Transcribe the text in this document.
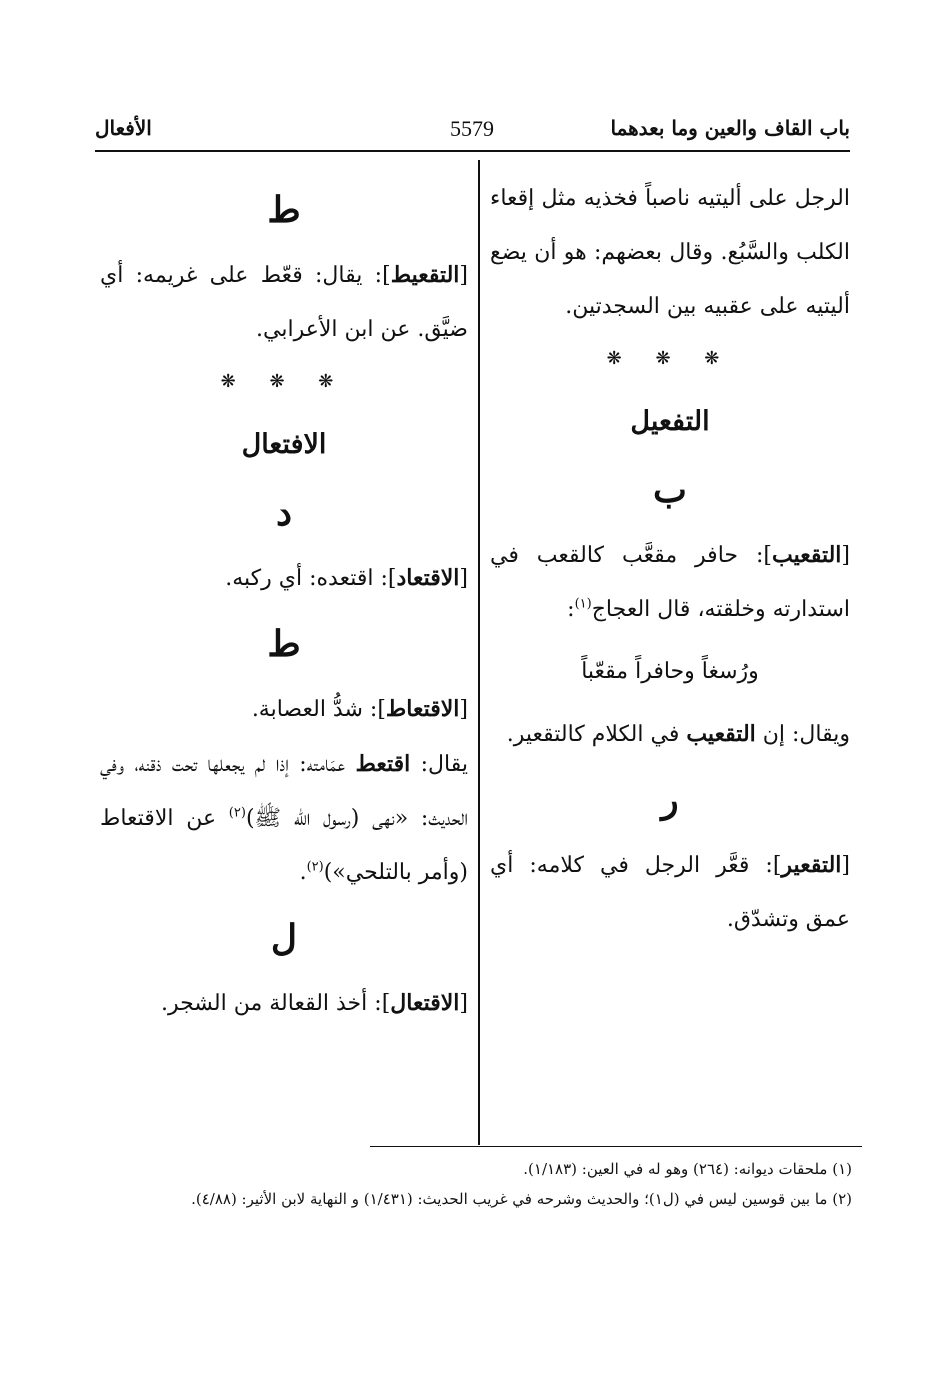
باب القاف والعين وما بعدهما
5579
الأفعال

الرجل على أليتيه ناصباً فخذيه مثل إقعاء الكلب والسَّبُع. وقال بعضهم: هو أن يضع أليتيه على عقبيه بين السجدتين.

❋ ❋ ❋

التفعيل

ب

[التقعيب]: حافر مقعَّب كالقعب في استدارته وخلقته، قال العجاج$^{(١)}$:

ورُسغاً وحافراً مقعّباً

ويقال: إن التقعيب في الكلام كالتقعير.

ر

[التقعير]: قعَّر الرجل في كلامه: أي عمق وتشدّق.

ط

[التقعيط]: يقال: قعّط على غريمه: أي ضيَّق. عن ابن الأعرابي.

❋ ❋ ❋

الافتعال

د

[الاقتعاد]: اقتعده: أي ركبه.

ط

[الاقتعاط]: شدُّ العصابة.

يقال: اقتعط عمَامته: إذا لم يجعلها تحت ذقنه، وفي الحديث: «نهى (رسول الله ﷺ)$^{(٢)}$ عن الاقتعاط (وأمر بالتلحي»)$^{(٢)}$.

ل

[الاقتعال]: أخذ القعالة من الشجر.

(١) ملحقات ديوانه: (٢٦٤) وهو له في العين: (١/١٨٣).

(٢) ما بين قوسين ليس في (ل١)؛ والحديث وشرحه في غريب الحديث: (١/٤٣١) و النهاية لابن الأثير: (٤/٨٨).
